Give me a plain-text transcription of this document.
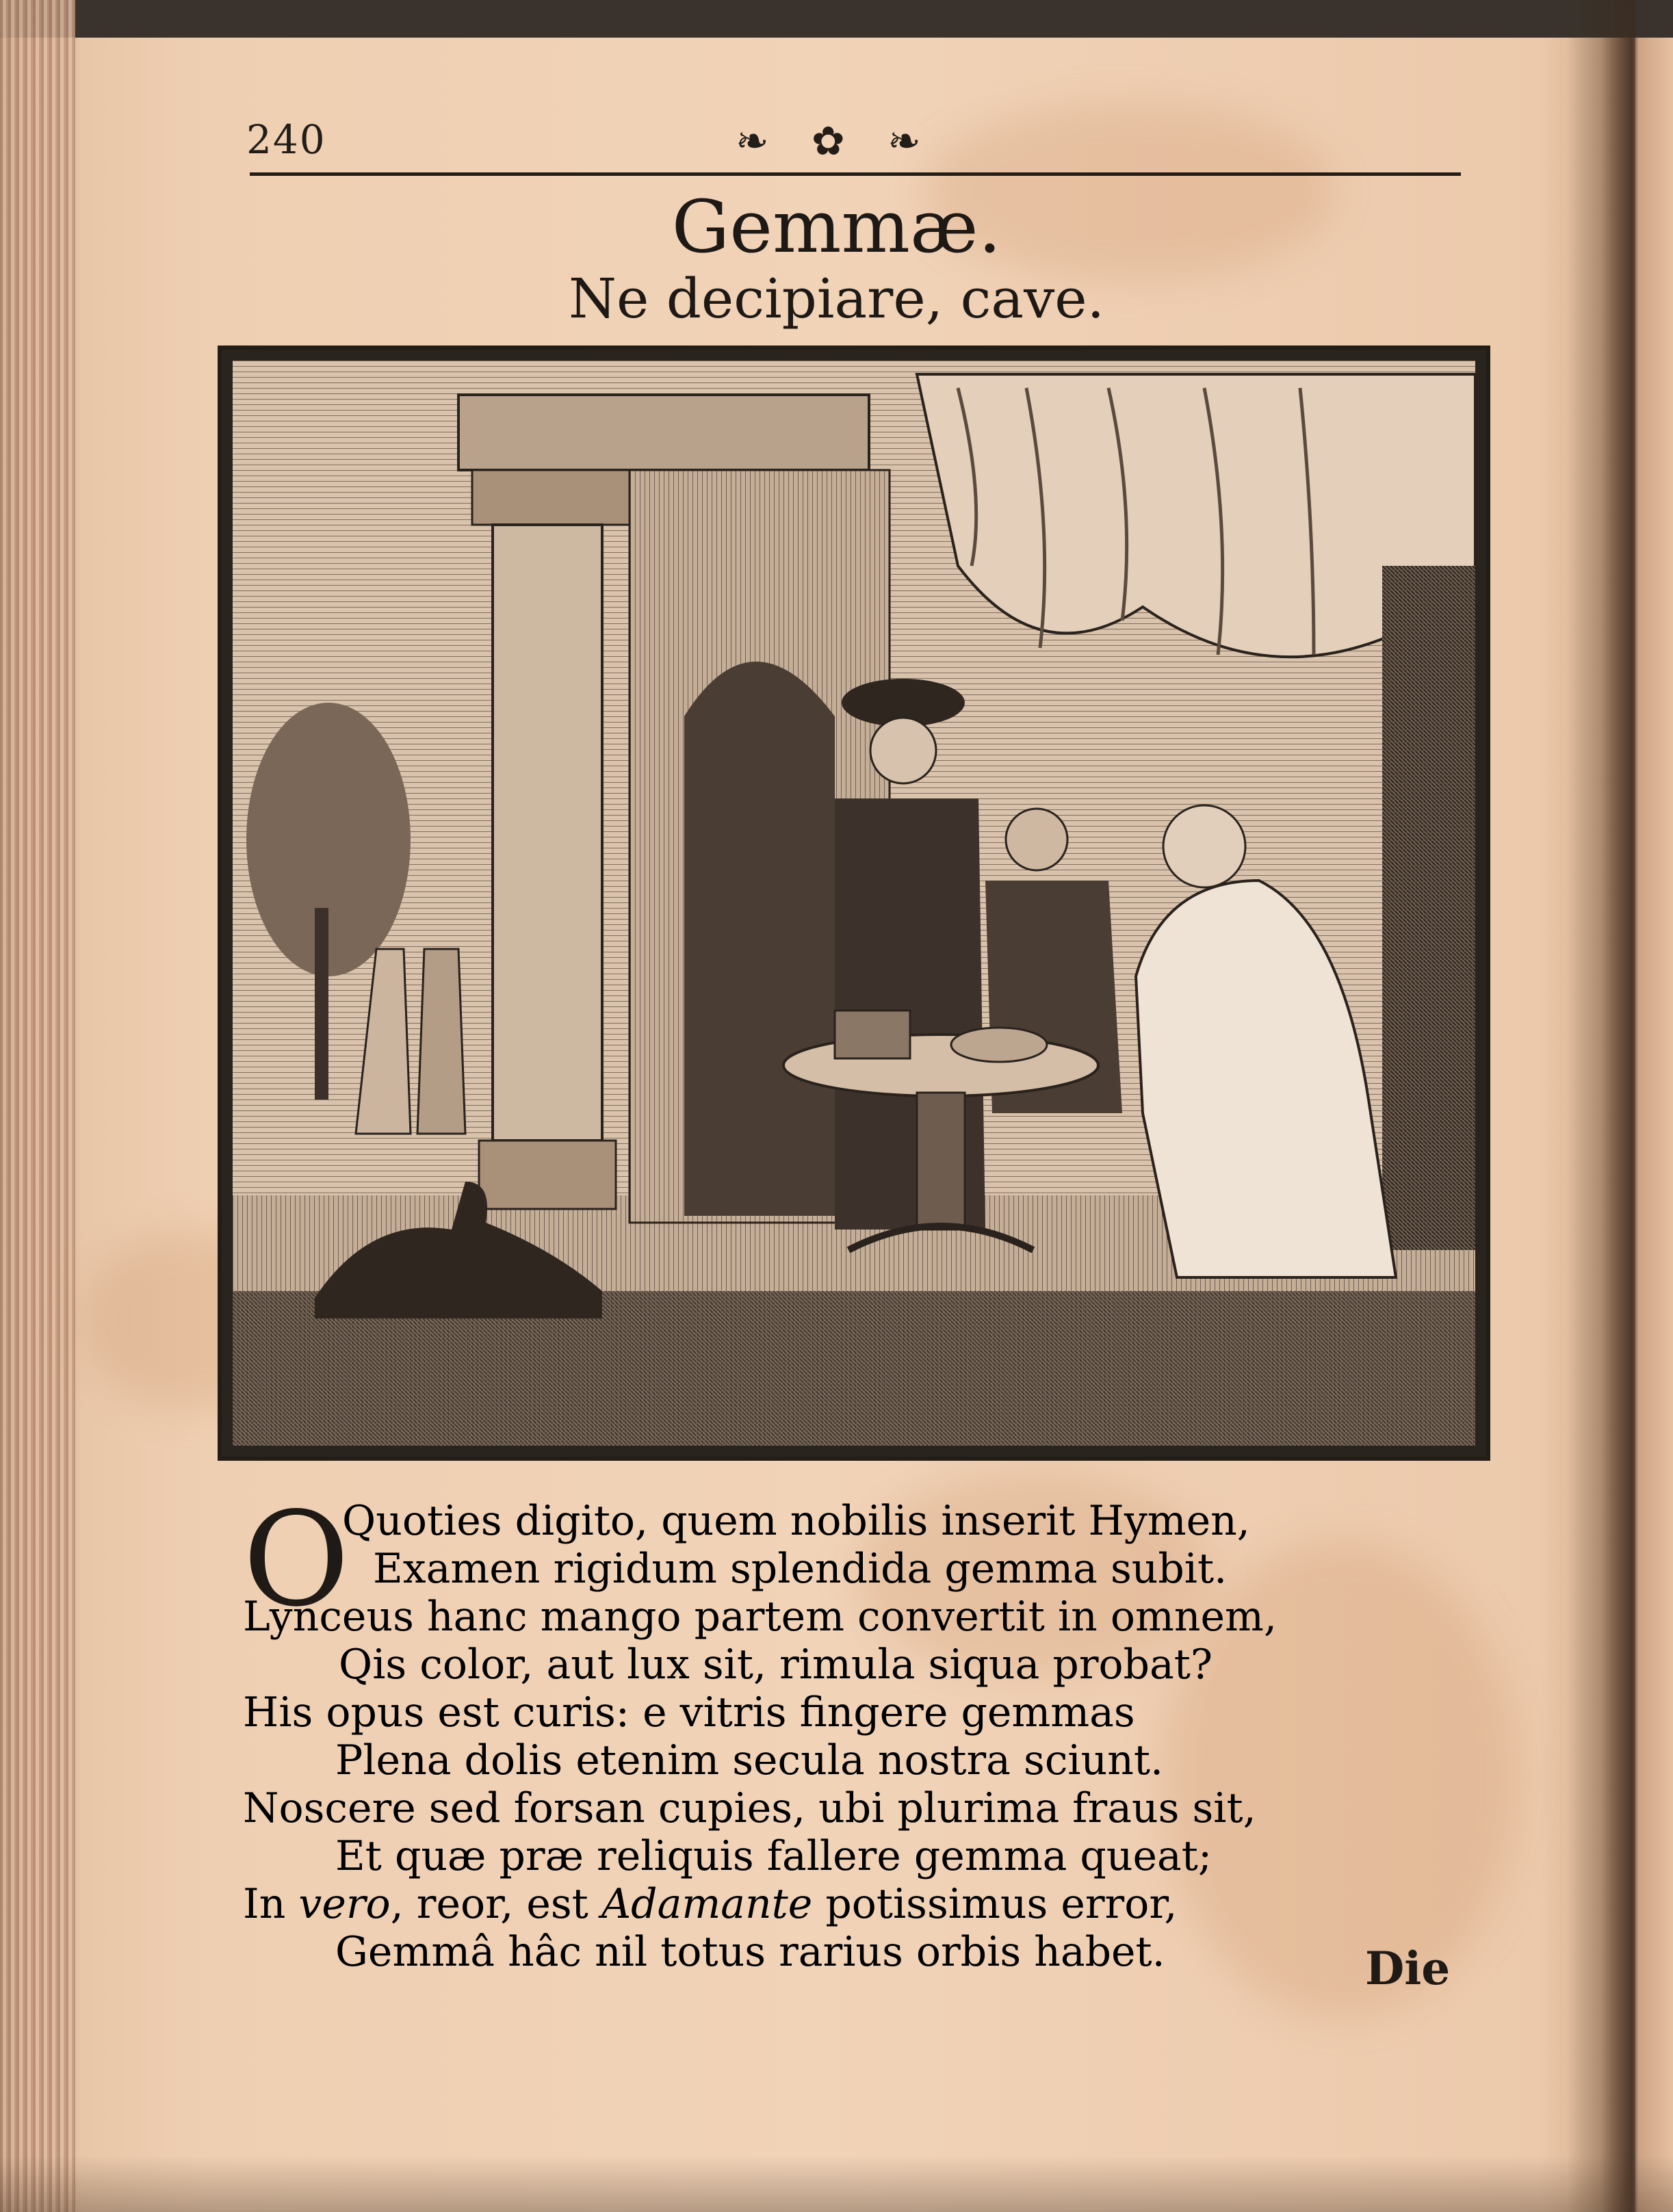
240	❧ ✿ ❧
Gemmæ.
Ne decipiare, cave.
O
Quoties digito, quem nobilis inserit Hymen,
Examen rigidum splendida gemma subit.
Lynceus hanc mango partem convertit in omnem,
Qis color, aut lux sit, rimula siqua probat?
His opus est curis: e vitris fingere gemmas
Plena dolis etenim secula nostra sciunt.
Noscere sed forsan cupies, ubi plurima fraus sit,
Et quæ præ reliquis fallere gemma queat;
In vero, reor, est Adamante potissimus error,
Gemmâ hâc nil totus rarius orbis habet.	Die
